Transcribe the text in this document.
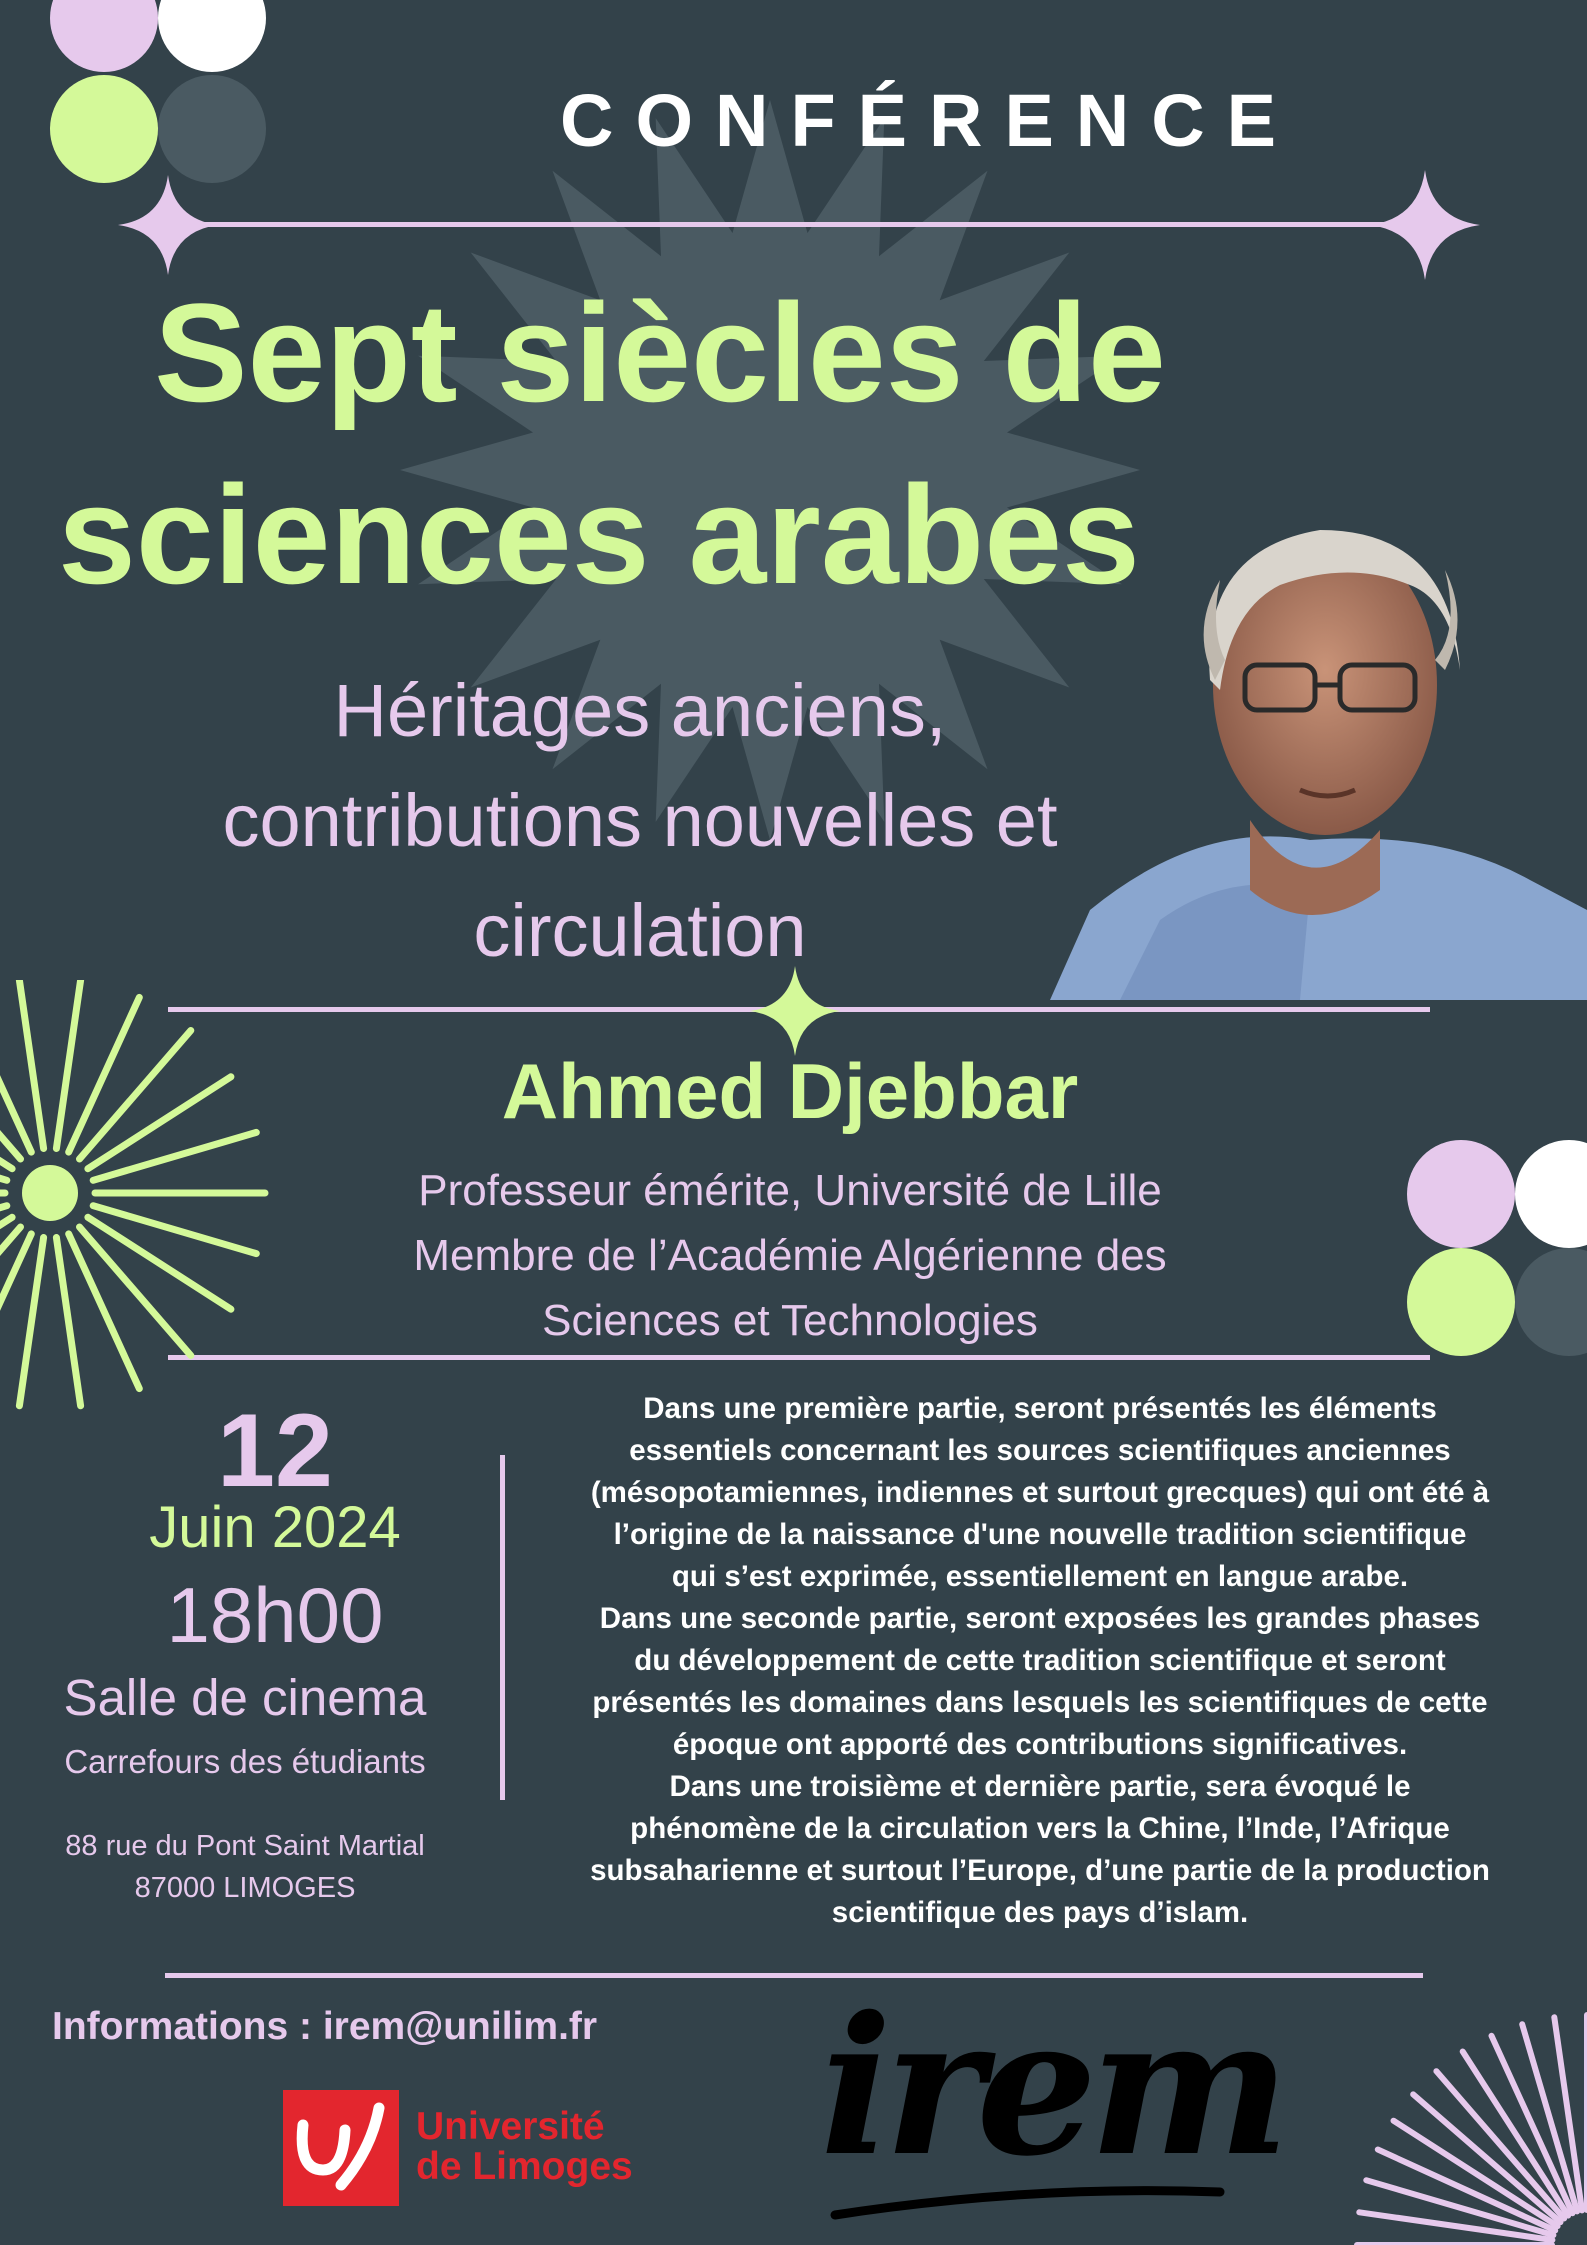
CONFÉRENCE
Sept siècles de
sciences arabes
Héritages anciens,
contributions nouvelles et
circulation
Ahmed Djebbar
Professeur émérite, Université de Lille
Membre de l’Académie Algérienne des
Sciences et Technologies
12
Juin 2024
18h00
Salle de cinema
Carrefours des étudiants
88 rue du Pont Saint Martial
87000 LIMOGES
Dans une première partie, seront présentés les éléments
essentiels concernant les sources scientifiques anciennes
(mésopotamiennes, indiennes et surtout grecques) qui ont été à
l’origine de la naissance d'une nouvelle tradition scientifique
qui s’est exprimée, essentiellement en langue arabe.
Dans une seconde partie, seront exposées les grandes phases
du développement de cette tradition scientifique et seront
présentés les domaines dans lesquels les scientifiques de cette
époque ont apporté des contributions significatives.
Dans une troisième et dernière partie, sera évoqué le
phénomène de la circulation vers la Chine, l’Inde, l’Afrique
subsaharienne et surtout l’Europe, d’une partie de la production
scientifique des pays d’islam.
Informations : irem@unilim.fr
Université
de Limoges irem
